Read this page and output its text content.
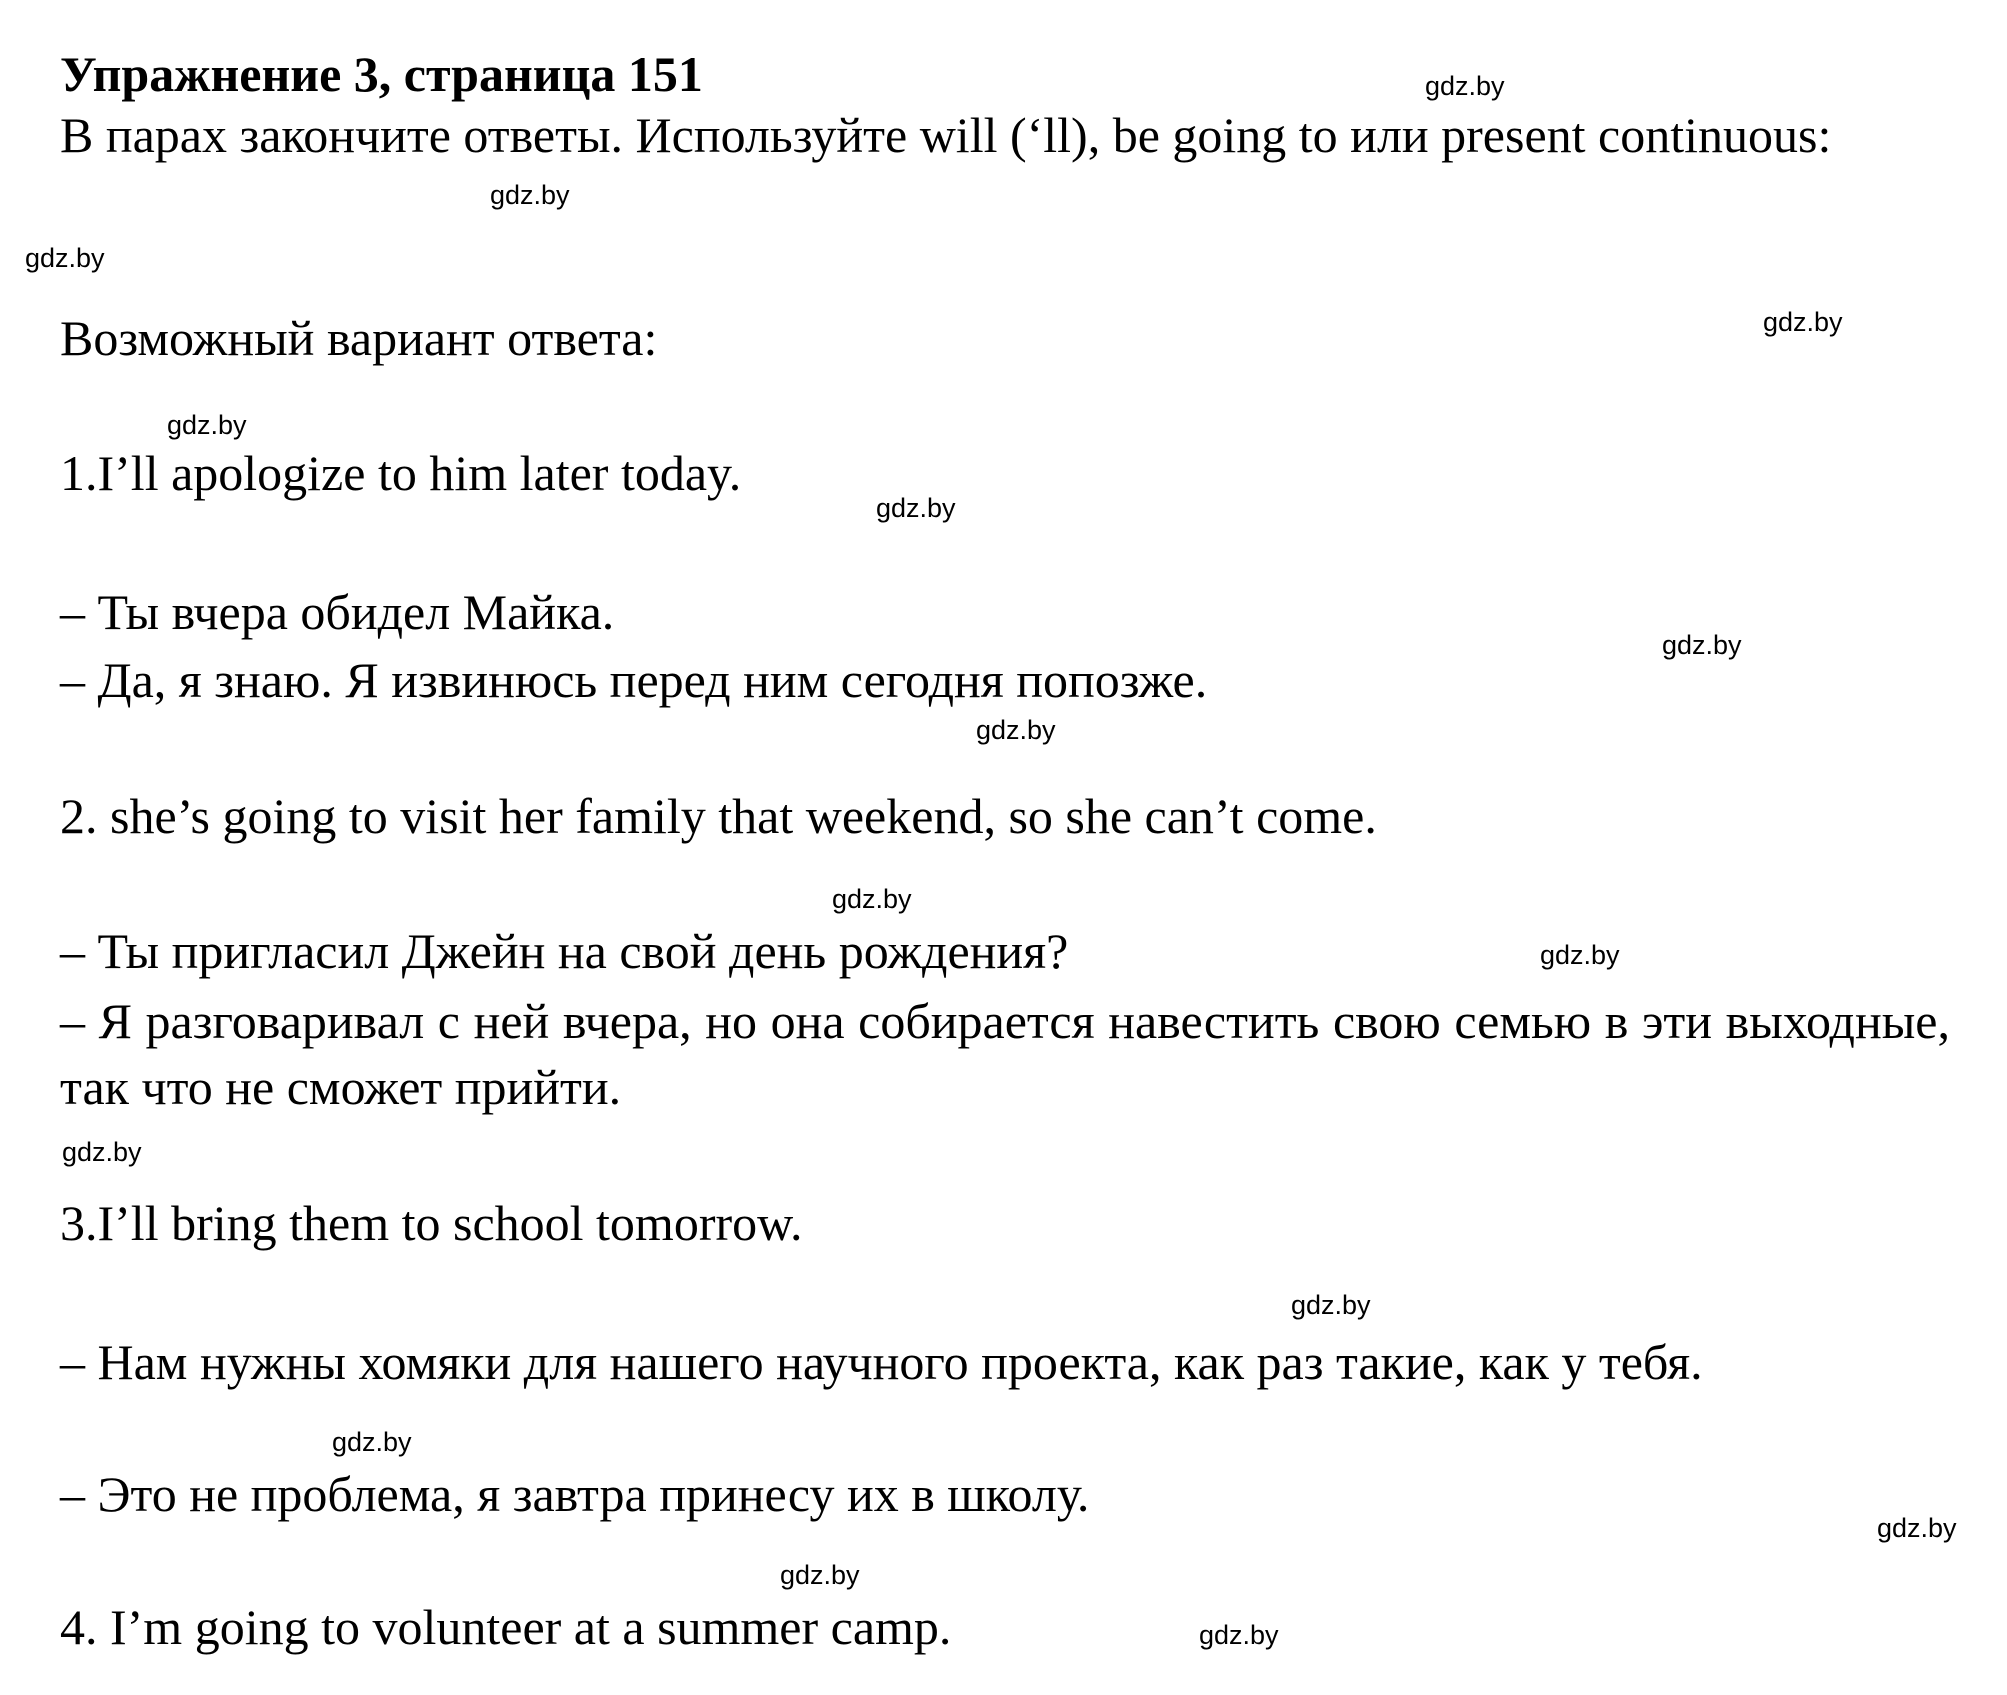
Упражнение 3, страница 151
В парах закончите ответы. Используйте will (‘ll), be going to или present continuous:
Возможный вариант ответа:
1.I’ll apologize to him later today.
– Ты вчера обидел Майка.
– Да, я знаю. Я извинюсь перед ним сегодня попозже.
2. she’s going to visit her family that weekend, so she can’t come.
– Ты пригласил Джейн на свой день рождения?
– Я разговаривал с ней вчера, но она собирается навестить свою семью в эти выходные, так что не сможет прийти.
3.I’ll bring them to school tomorrow.
– Нам нужны хомяки для нашего научного проекта, как раз такие, как у тебя.
– Это не проблема, я завтра принесу их в школу.
4. I’m going to volunteer at a summer camp.
gdz.by
gdz.by
gdz.by
gdz.by
gdz.by
gdz.by
gdz.by
gdz.by
gdz.by
gdz.by
gdz.by
gdz.by
gdz.by
gdz.by
gdz.by
gdz.by
